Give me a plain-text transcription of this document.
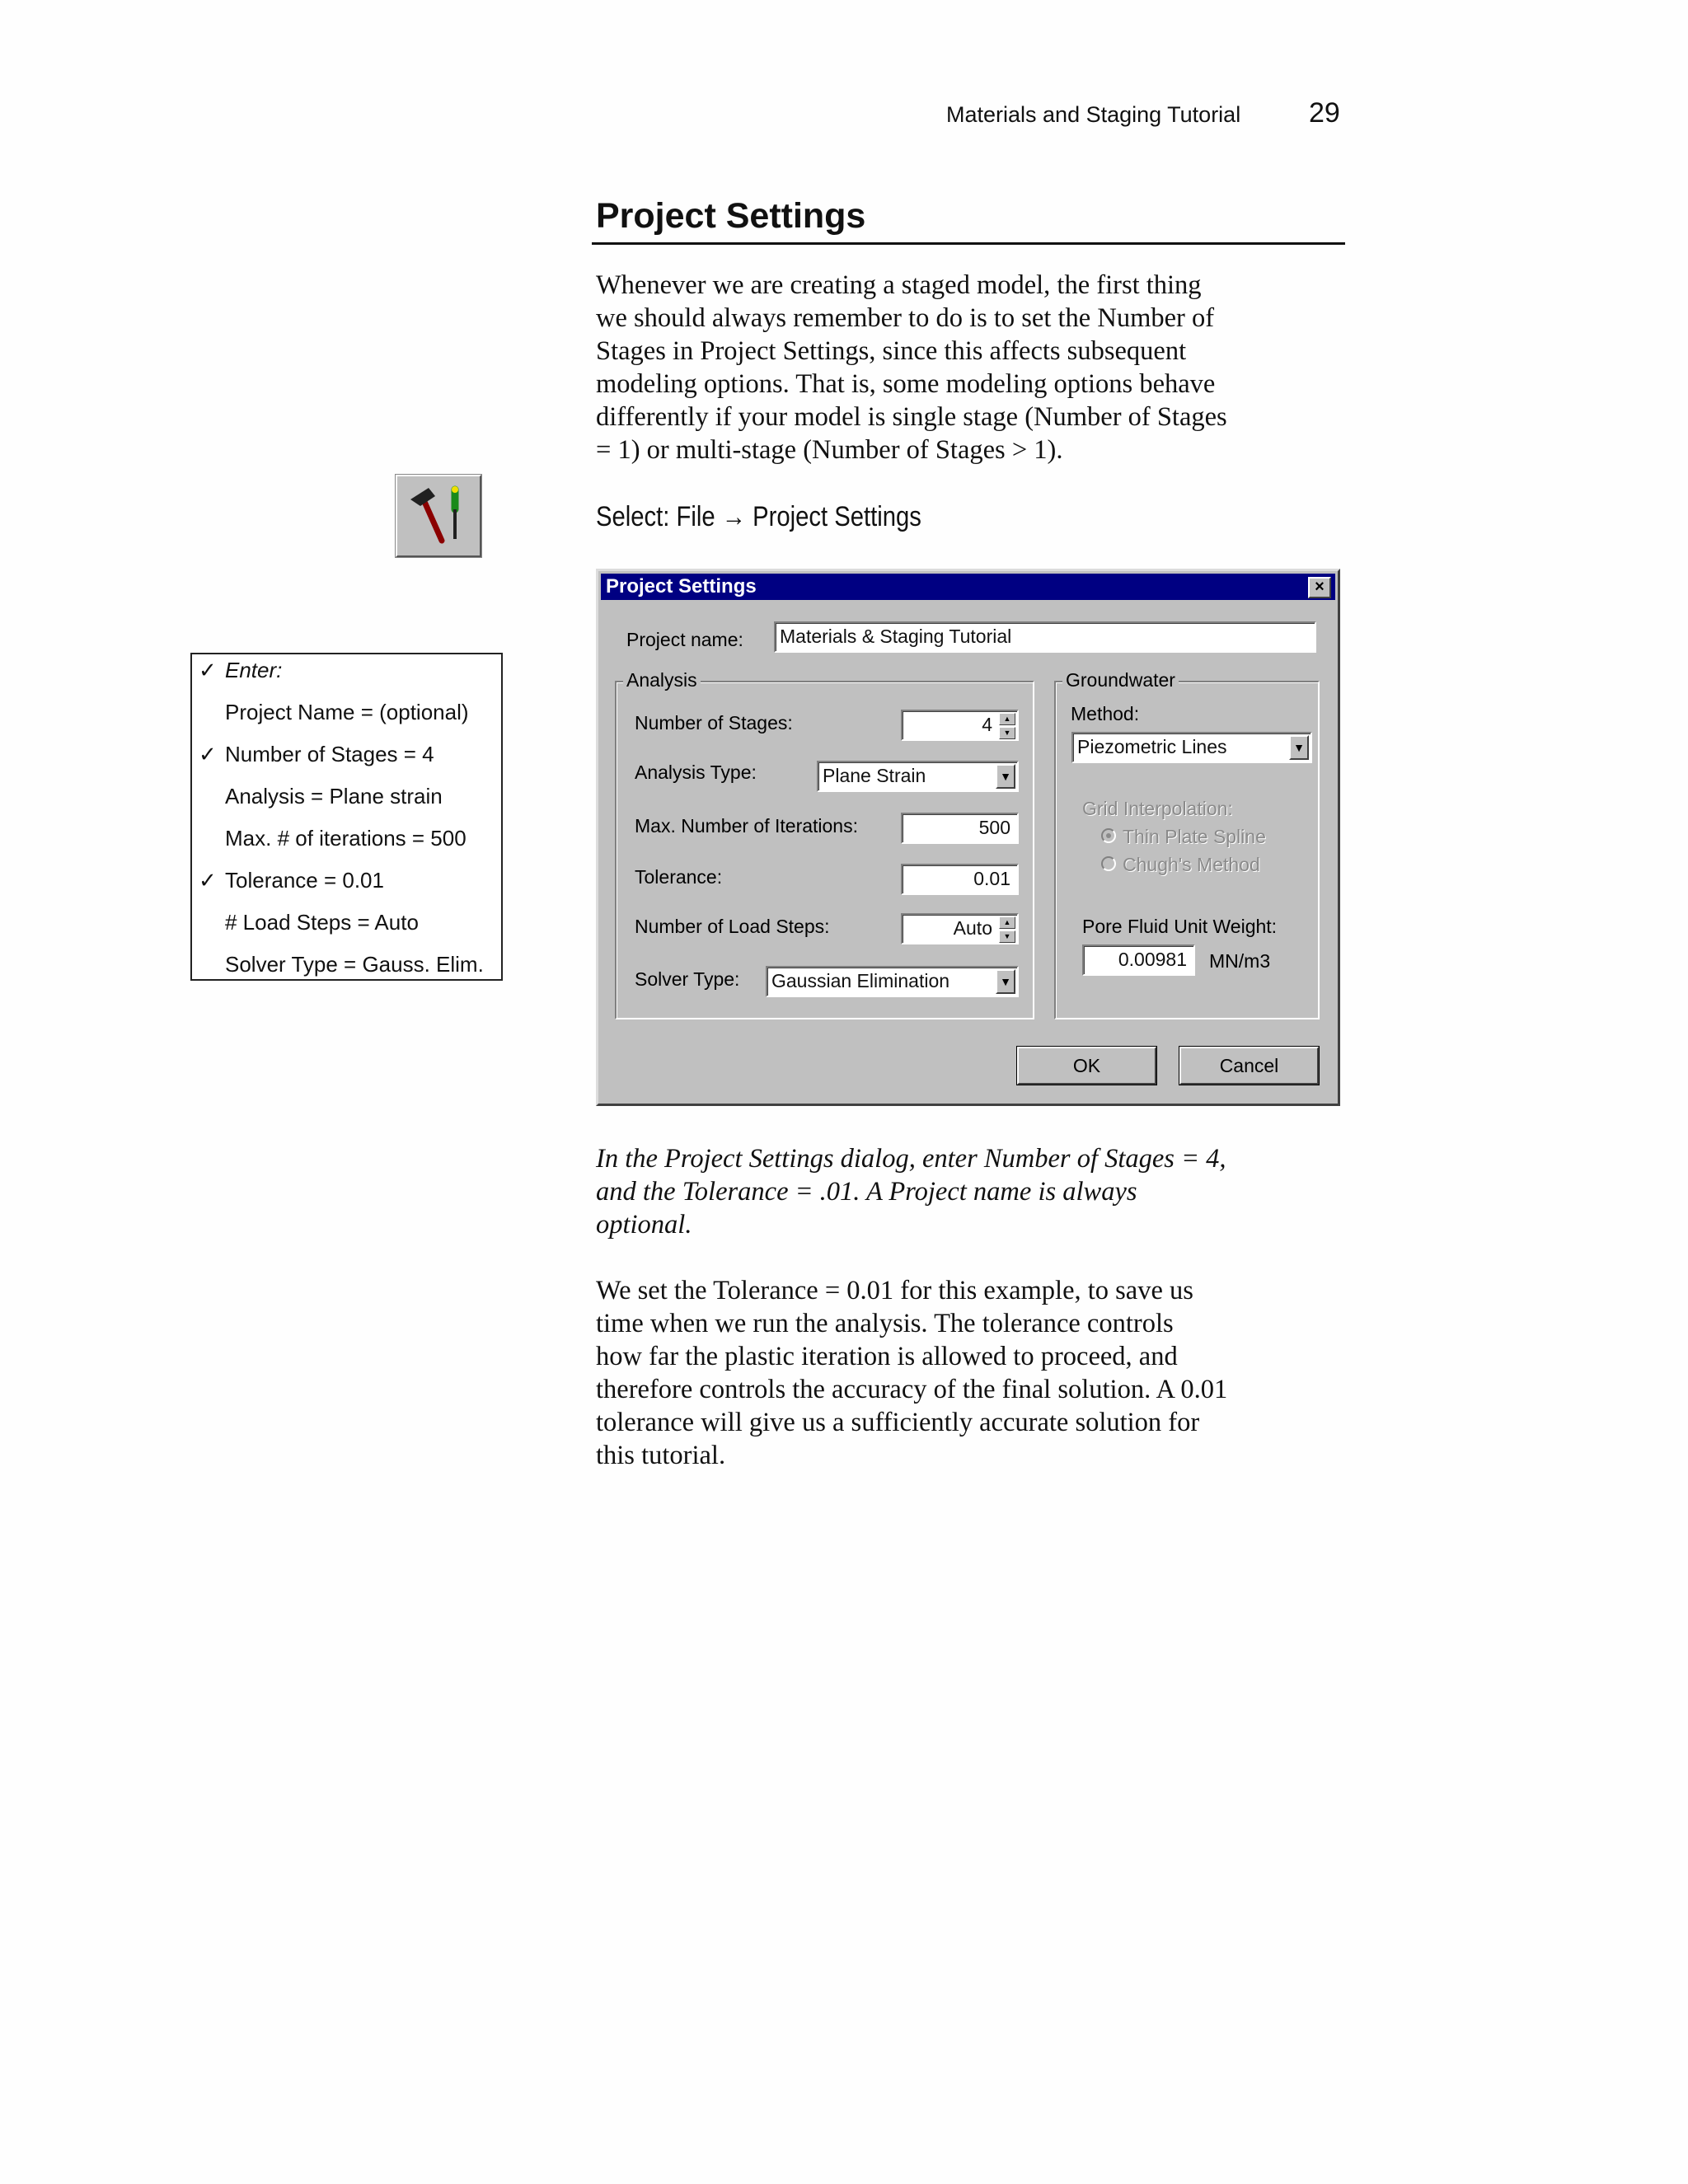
Materials and Staging Tutorial 29
Project Settings
Whenever we are creating a staged model, the first thing
we should always remember to do is to set the Number of
Stages in Project Settings, since this affects subsequent
modeling options. That is, some modeling options behave
differently if your model is single stage (Number of Stages
= 1) or multi-stage (Number of Stages > 1).
Select: File → Project Settings
✓ Enter:
Project Name = (optional)
✓ Number of Stages = 4
Analysis = Plane strain
Max. # of iterations = 500
✓ Tolerance = 0.01
# Load Steps = Auto
Solver Type = Gauss. Elim.
Project Settings	×
Project name:	Materials & Staging Tutorial
Analysis
Number of Stages:	4	▲
▼
Analysis Type:	Plane Strain	▼
Max. Number of Iterations:	500
Tolerance:	0.01
Number of Load Steps:	Auto	▲
▼
Solver Type:	Gaussian Elimination	▼
Groundwater
Method:
Piezometric Lines	▼
Grid Interpolation:
Thin Plate Spline
Chugh's Method
Pore Fluid Unit Weight:
0.00981	MN/m3
OK	Cancel
In the Project Settings dialog, enter Number of Stages = 4,
and the Tolerance = .01. A Project name is always
optional.
We set the Tolerance = 0.01 for this example, to save us
time when we run the analysis. The tolerance controls
how far the plastic iteration is allowed to proceed, and
therefore controls the accuracy of the final solution. A 0.01
tolerance will give us a sufficiently accurate solution for
this tutorial.
